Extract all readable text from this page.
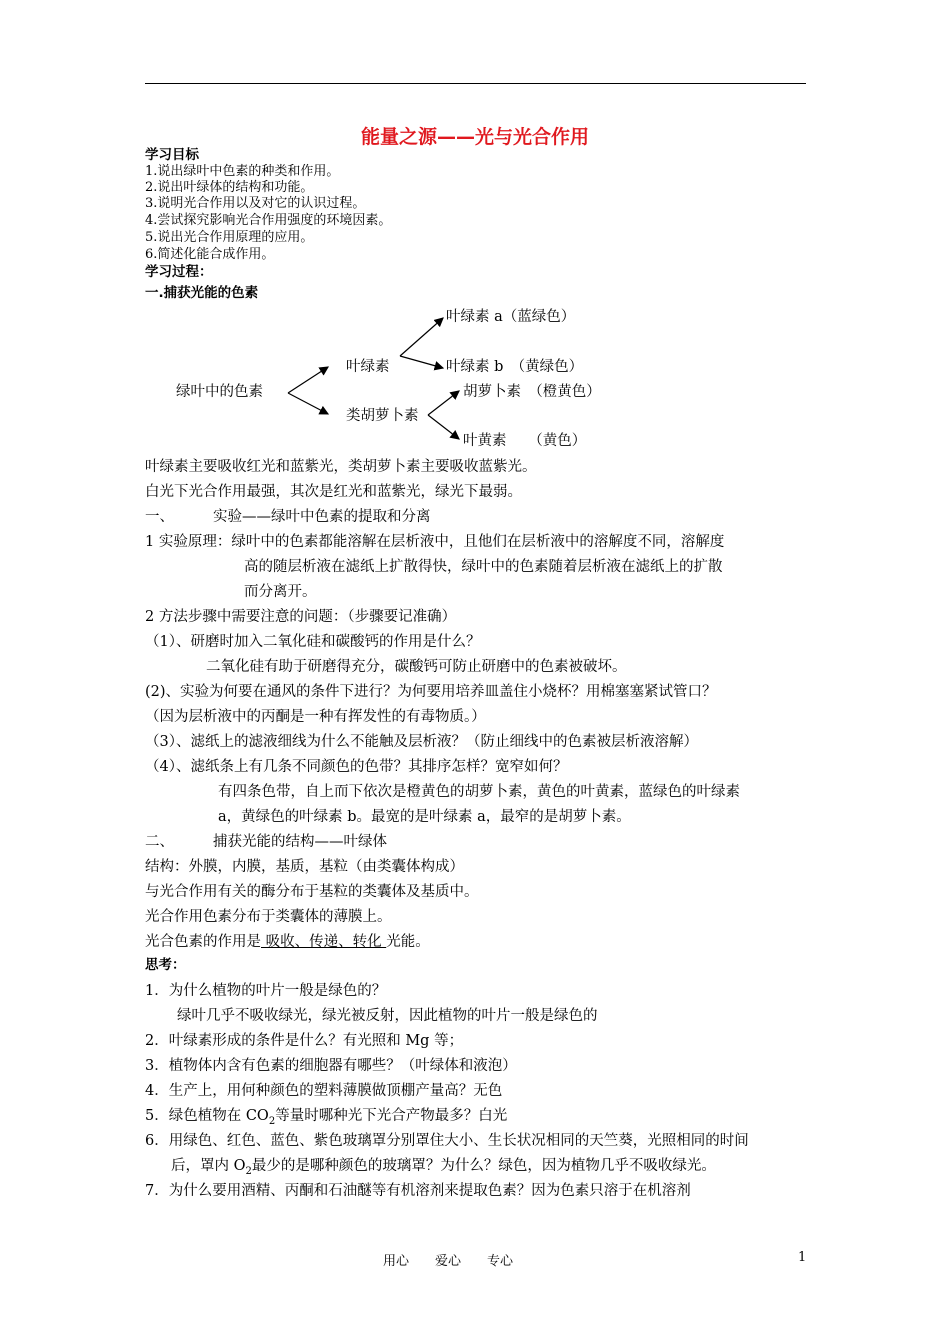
能量之源——光与光合作用
学习目标
1.说出绿叶中色素的种类和作用。
2.说出叶绿体的结构和功能。
3.说明光合作用以及对它的认识过程。
4.尝试探究影响光合作用强度的环境因素。
5.说出光合作用原理的应用。
6.简述化能合成作用。
学习过程：
一.捕获光能的色素
绿叶中的色素
叶绿素
类胡萝卜素
叶绿素 a（蓝绿色）
叶绿素 b　（黄绿色）
胡萝卜素　（橙黄色）
叶黄素　　（黄色）
叶绿素主要吸收红光和蓝紫光，类胡萝卜素主要吸收蓝紫光。
白光下光合作用最强，其次是红光和蓝紫光，绿光下最弱。
一、	实验——绿叶中色素的提取和分离
1 实验原理：绿叶中的色素都能溶解在层析液中，且他们在层析液中的溶解度不同，溶解度
高的随层析液在滤纸上扩散得快，绿叶中的色素随着层析液在滤纸上的扩散
而分离开。
2 方法步骤中需要注意的问题：（步骤要记准确）
（1）、研磨时加入二氧化硅和碳酸钙的作用是什么？
二氧化硅有助于研磨得充分，碳酸钙可防止研磨中的色素被破坏。
(2)、实验为何要在通风的条件下进行？为何要用培养皿盖住小烧杯？用棉塞塞紧试管口？
（因为层析液中的丙酮是一种有挥发性的有毒物质。）
（3）、滤纸上的滤液细线为什么不能触及层析液？（防止细线中的色素被层析液溶解）
（4）、滤纸条上有几条不同颜色的色带？其排序怎样？宽窄如何？
有四条色带，自上而下依次是橙黄色的胡萝卜素，黄色的叶黄素，蓝绿色的叶绿素
a，黄绿色的叶绿素 b。最宽的是叶绿素 a，最窄的是胡萝卜素。
二、	捕获光能的结构——叶绿体
结构：外膜，内膜，基质，基粒（由类囊体构成）
与光合作用有关的酶分布于基粒的类囊体及基质中。
光合作用色素分布于类囊体的薄膜上。
光合色素的作用是 吸收、传递、转化 光能。
思考：
1．为什么植物的叶片一般是绿色的？
绿叶几乎不吸收绿光，绿光被反射，因此植物的叶片一般是绿色的
2．叶绿素形成的条件是什么？有光照和 Mg 等；
3．植物体内含有色素的细胞器有哪些？（叶绿体和液泡）
4．生产上，用何种颜色的塑料薄膜做顶棚产量高？无色
5．绿色植物在 $CO_2$等量时哪种光下光合产物最多？白光
6．用绿色、红色、蓝色、紫色玻璃罩分别罩住大小、生长状况相同的天竺葵，光照相同的时间
后，罩内 $O_2$最少的是哪种颜色的玻璃罩？为什么？绿色，因为植物几乎不吸收绿光。
7．为什么要用酒精、丙酮和石油醚等有机溶剂来提取色素？因为色素只溶于在机溶剂
用心　　爱心　　专心	1
